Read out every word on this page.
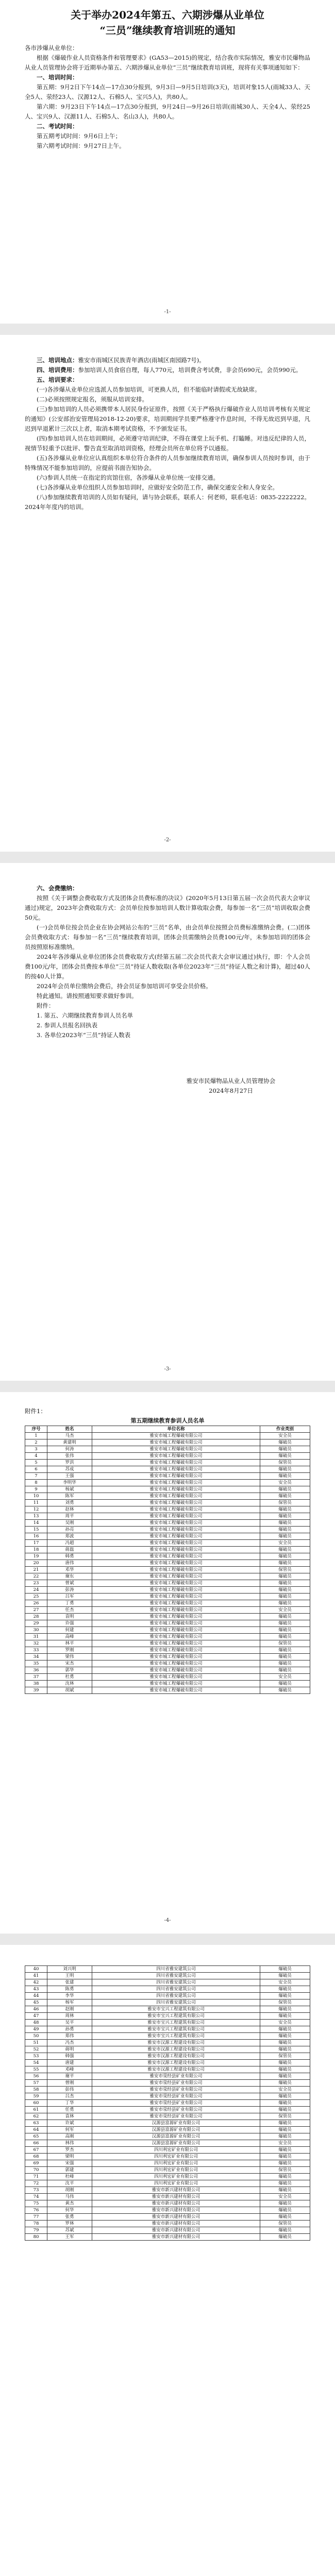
关于举办2024年第五、六期涉爆从业单位
“三员”继续教育培训班的通知

各市涉爆从业单位：

根据《爆破作业人员资格条件和管理要求》(GA53—2015)的规定，结合我市实际情况，雅安市民爆物品从业人员管理协会将于近期举办第五、六期涉爆从业单位“三员”继续教育培训班，现将有关事项通知如下：

一、培训时间：

第五期：9月2日下午14点—17点30分报到，9月3日—9月5日培训(3天)，培训对象15人(雨城33人、天全5人、荥经23人、汉源12人、石棉5人、宝兴5人)，共80人。

第六期：9月23日下午14点—17点30分报到，9月24日—9月26日培训(雨城30人、天全4人、荥经25人、宝兴9人、汉源11人、石棉5人、名山3人)，共80人。

二、考试时间：

第五期考试时间：9月6日上午；

第六期考试时间：9月27日上午。

-1-

三、培训地点：雅安市雨城区民族青年酒店(雨城区南园路7号)。

四、培训费用：参加培训人员食宿自理，每人770元，培训费含考试费，非会员690元，会员990元。

五、培训要求：

(一)各涉爆从业单位应选派人员参加培训，可更换人员，但不能临时请假或无故缺席。

(二)必须按照规定报名，须服从培训安排。

(三)参加培训的人员必须携带本人居民身份证原件，按照《关于严格执行爆破作业人员培训考核有关规定的通知》(公安部治安管理局2018-12-20)要求，培训期间学员要严格遵守作息时间，不得无故迟到早退，凡迟到早退累计三次以上者，取消本期考试资格，不予颁发证书。

(四)参加培训人员在培训期间，必须遵守培训纪律，不得在课堂上玩手机、打瞌睡。对违反纪律的人员，视情节轻重予以批评、警告直至取消培训资格，经理会员所在单位将予以通报。

(五)各涉爆从业单位应认真组织本单位符合条件的人员参加继续教育培训，确保参训人员按时参训，由于特殊情况不能参加培训的，应提前书面告知协会。

(六)参训人员统一在指定的宾馆住宿，各涉爆从业单位统一安排交通。

(七)各涉爆从业单位组织人员参加培训时，应做好安全防范工作，确保交通安全和人身安全。

(八)参加继续教育培训的人员如有疑问，请与协会联系，联系人：何老师，联系电话：0835-2222222。2024年年度内的培训。

-2-

六、会费缴纳：

按照《关于调整会费收取方式及团体会员费标准的决议》(2020年5月13日第五届一次会员代表大会审议通过)规定，2023年会费收取方式：会员单位按参加培训人数计算收取会费，每参加一名“三员”培训收取会费50元。

(一)会员单位按会员企业在协会网站公布的“三员”名单，由会员单位按照会员费标准缴纳会费。(二)团体会员费收取方式：每参加一名“三员”继续教育培训，团体会员需缴纳会员费100元/年，未参加培训的团体会员按照原标准缴纳。

2024年各涉爆从业单位团体会员费收取方式(经第五届二次会员代表大会审议通过)执行，即：个人会员费100元/年，团体会员费按本单位“三员”持证人数收取(各单位2023年“三员”持证人数之和计算)，超过40人的按40人计算。

2024年会员单位缴纳会费后，持会员证参加培训可享受会员价格。

特此通知。请按照通知要求做好参训。

附件：

1. 第五、六期继续教育参训人员名单

2. 参训人员报名回执表

3. 各单位2023年“三员”持证人数表

雅安市民爆物品从业人员管理协会
2024年8月27日
-3-
附件1：
第五期继续教育参训人员名单
序号	姓名	单位名称	作业类别
1	马杰	雅安市城工程爆破有限公司	安全员
2	黄建明	雅安市城工程爆破有限公司	爆破员
3	何涛	雅安市城工程爆破有限公司	爆破员
4	张伟	雅安市城工程爆破有限公司	爆破员
5	罗洪	雅安市城工程爆破有限公司	保管员
6	苏成	雅安市城工程爆破有限公司	爆破员
7	王强	雅安市城工程爆破有限公司	爆破员
8	李明华	雅安市城工程爆破有限公司	安全员
9	杨斌	雅安市城工程爆破有限公司	爆破员
10	陈军	雅安市城工程爆破有限公司	爆破员
11	刘勇	雅安市城工程爆破有限公司	保管员
12	赵林	雅安市城工程爆破有限公司	爆破员
13	周平	雅安市城工程爆破有限公司	爆破员
14	吴刚	雅安市城工程爆破有限公司	爆破员
15	孙亮	雅安市城工程爆破有限公司	爆破员
16	郑波	雅安市城工程爆破有限公司	爆破员
17	冯超	雅安市城工程爆破有限公司	安全员
18	蒋磊	雅安市城工程爆破有限公司	爆破员
19	韩勇	雅安市城工程爆破有限公司	爆破员
20	唐伟	雅安市城工程爆破有限公司	爆破员
21	邓华	雅安市城工程爆破有限公司	保管员
22	谢东	雅安市城工程爆破有限公司	爆破员
23	曾斌	雅安市城工程爆破有限公司	爆破员
24	彭涛	雅安市城工程爆破有限公司	爆破员
25	吕军	雅安市城工程爆破有限公司	爆破员
26	丁勇	雅安市城工程爆破有限公司	爆破员
27	任杰	雅安市城工程爆破有限公司	安全员
28	袁明	雅安市城工程爆破有限公司	爆破员
29	许强	雅安市城工程爆破有限公司	爆破员
30	何建	雅安市城工程爆破有限公司	爆破员
31	高峰	雅安市城工程爆破有限公司	爆破员
32	林平	雅安市城工程爆破有限公司	保管员
33	罗刚	雅安市城工程爆破有限公司	爆破员
34	梁伟	雅安市城工程爆破有限公司	爆破员
35	宋杰	雅安市城工程爆破有限公司	爆破员
36	郭华	雅安市城工程爆破有限公司	爆破员
37	杜勇	雅安市城工程爆破有限公司	安全员
38	沈林	雅安市城工程爆破有限公司	爆破员
39	胡斌	雅安市城工程爆破有限公司	爆破员
-4-
40	刘兴明	四川省雅安建筑公司	爆破员
41	王明	四川省雅安建筑公司	爆破员
42	张建	四川省雅安建筑公司	安全员
43	陈勇	四川省雅安建筑公司	爆破员
44	李华	四川省雅安建筑公司	爆破员
45	杨军	四川省雅安建筑公司	保管员
46	赵刚	雅安市宝兴工程建筑有限公司	爆破员
47	周林	雅安市宝兴工程建筑有限公司	爆破员
48	吴平	雅安市宝兴工程建筑有限公司	安全员
49	孙勇	雅安市宝兴工程建筑有限公司	爆破员
50	郑伟	雅安市宝兴工程建筑有限公司	爆破员
51	冯杰	雅安市汉源工程建设有限公司	爆破员
52	蒋明	雅安市汉源工程建设有限公司	爆破员
53	韩强	雅安市汉源工程建设有限公司	保管员
54	唐建	雅安市汉源工程建设有限公司	爆破员
55	邓峰	雅安市汉源工程建设有限公司	爆破员
56	谢平	雅安市荥经县矿业有限公司	爆破员
57	曾刚	雅安市荥经县矿业有限公司	爆破员
58	彭伟	雅安市荥经县矿业有限公司	安全员
59	吕杰	雅安市荥经县矿业有限公司	爆破员
60	丁华	雅安市荥经县矿业有限公司	爆破员
61	任勇	雅安市荥经县矿业有限公司	爆破员
62	袁林	雅安市荥经县矿业有限公司	保管员
63	许斌	汉源县富源矿业有限公司	爆破员
64	何军	汉源县富源矿业有限公司	爆破员
65	高刚	汉源县富源矿业有限公司	爆破员
66	林伟	汉源县富源矿业有限公司	安全员
67	罗杰	四川利宏矿业有限公司	爆破员
68	梁明	四川利宏矿业有限公司	爆破员
69	宋强	四川利宏矿业有限公司	爆破员
70	郭建	四川利宏矿业有限公司	保管员
71	杜峰	四川利宏矿业有限公司	爆破员
72	沈平	四川利宏矿业有限公司	爆破员
73	胡刚	雅安市新兴建材有限公司	爆破员
74	马伟	雅安市新兴建材有限公司	安全员
75	黄杰	雅安市新兴建材有限公司	爆破员
76	何华	雅安市新兴建材有限公司	爆破员
77	张勇	雅安市新兴建材有限公司	爆破员
78	罗林	雅安市新兴建材有限公司	保管员
79	苏斌	雅安市新兴建材有限公司	爆破员
80	王军	雅安市新兴建材有限公司	爆破员
